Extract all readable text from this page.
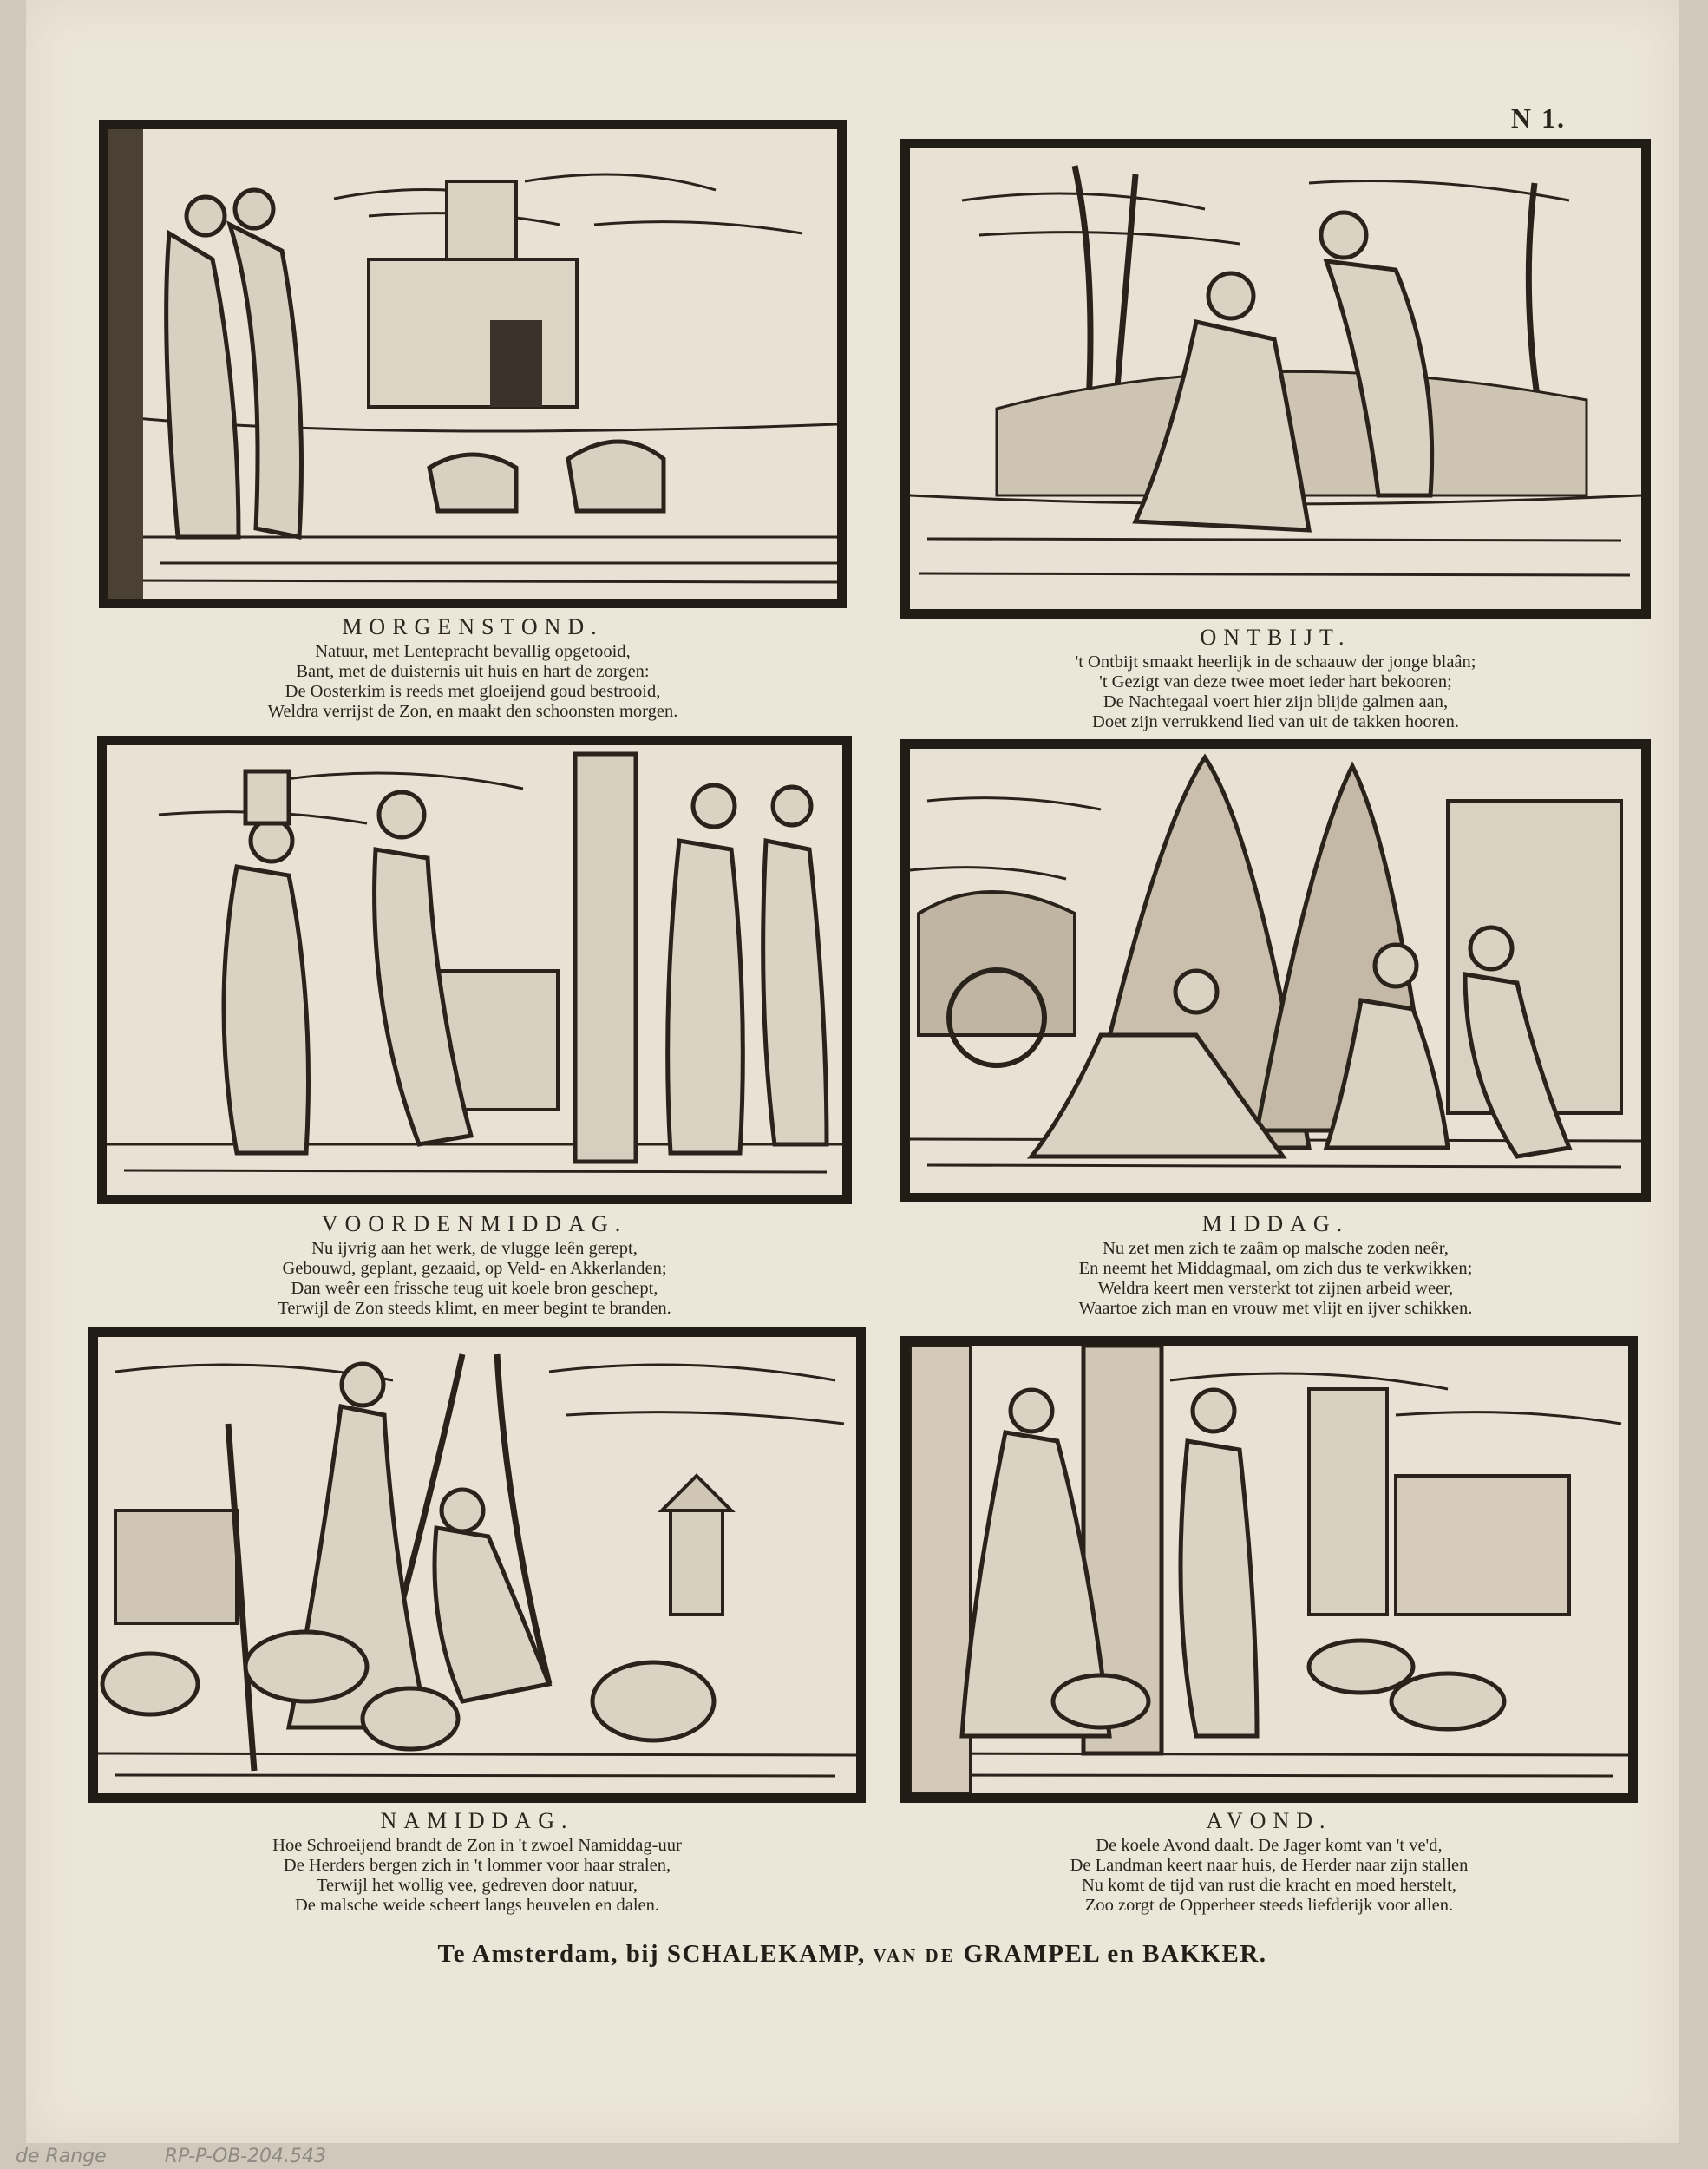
N 1.
MORGENSTOND.
Natuur, met Lentepracht bevallig opgetooid,
Bant, met de duisternis uit huis en hart de zorgen:
De Oosterkim is reeds met gloeijend goud bestrooid,
Weldra verrijst de Zon, en maakt den schoonsten morgen.
ONTBIJT.
't Ontbijt smaakt heerlijk in de schaauw der jonge blaân;
't Gezigt van deze twee moet ieder hart bekooren;
De Nachtegaal voert hier zijn blijde galmen aan,
Doet zijn verrukkend lied van uit de takken hooren.
VOORDENMIDDAG.
Nu ijvrig aan het werk, de vlugge leên gerept,
Gebouwd, geplant, gezaaid, op Veld- en Akkerlanden;
Dan weêr een frissche teug uit koele bron geschept,
Terwijl de Zon steeds klimt, en meer begint te branden.
MIDDAG.
Nu zet men zich te zaâm op malsche zoden neêr,
En neemt het Middagmaal, om zich dus te verkwikken;
Weldra keert men versterkt tot zijnen arbeid weer,
Waartoe zich man en vrouw met vlijt en ijver schikken.
NAMIDDAG.
Hoe Schroeijend brandt de Zon in 't zwoel Namiddag-uur
De Herders bergen zich in 't lommer voor haar stralen,
Terwijl het wollig vee, gedreven door natuur,
De malsche weide scheert langs heuvelen en dalen.
AVOND.
De koele Avond daalt. De Jager komt van 't ve'd,
De Landman keert naar huis, de Herder naar zijn stallen
Nu komt de tijd van rust die kracht en moed herstelt,
Zoo zorgt de Opperheer steeds liefderijk voor allen.
Te Amsterdam, bij SCHALEKAMP, VAN DE GRAMPEL en BAKKER.
de Range	RP-P-OB-204.543
